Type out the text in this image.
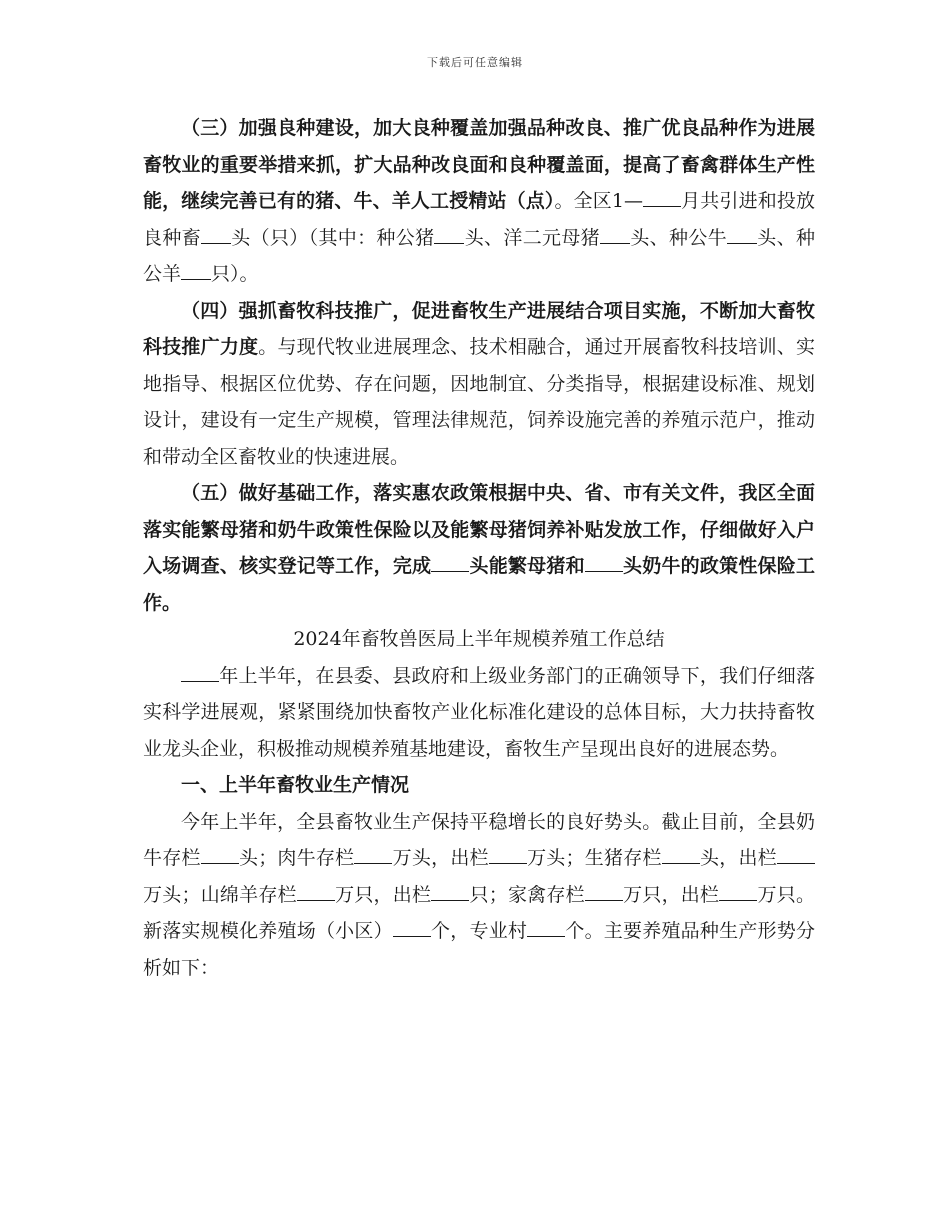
下载后可任意编辑

（三）加强良种建设，加大良种覆盖加强品种改良、推广优良品种作为进展畜牧业的重要举措来抓，扩大品种改良面和良种覆盖面，提高了畜禽群体生产性能，继续完善已有的猪、牛、羊人工授精站（点）。全区1— 月共引进和投放良种畜 头（只）（其中：种公猪 头、洋二元母猪 头、种公牛 头、种公羊 只）。

（四）强抓畜牧科技推广，促进畜牧生产进展结合项目实施，不断加大畜牧科技推广力度。与现代牧业进展理念、技术相融合，通过开展畜牧科技培训、实地指导、根据区位优势、存在问题，因地制宜、分类指导，根据建设标准、规划设计，建设有一定生产规模，管理法律规范，饲养设施完善的养殖示范户，推动和带动全区畜牧业的快速进展。

（五）做好基础工作，落实惠农政策根据中央、省、市有关文件，我区全面落实能繁母猪和奶牛政策性保险以及能繁母猪饲养补贴发放工作，仔细做好入户入场调查、核实登记等工作，完成 头能繁母猪和 头奶牛的政策性保险工作。

2024年畜牧兽医局上半年规模养殖工作总结

年上半年，在县委、县政府和上级业务部门的正确领导下，我们仔细落实科学进展观，紧紧围绕加快畜牧产业化标准化建设的总体目标，大力扶持畜牧业龙头企业，积极推动规模养殖基地建设，畜牧生产呈现出良好的进展态势。

一、上半年畜牧业生产情况

今年上半年，全县畜牧业生产保持平稳增长的良好势头。截止目前，全县奶牛存栏 头；肉牛存栏 万头，出栏 万头；生猪存栏 头，出栏万头；山绵羊存栏 万只，出栏 只；家禽存栏 万只，出栏 万只。新落实规模化养殖场（小区） 个，专业村 个。主要养殖品种生产形势分析如下：
